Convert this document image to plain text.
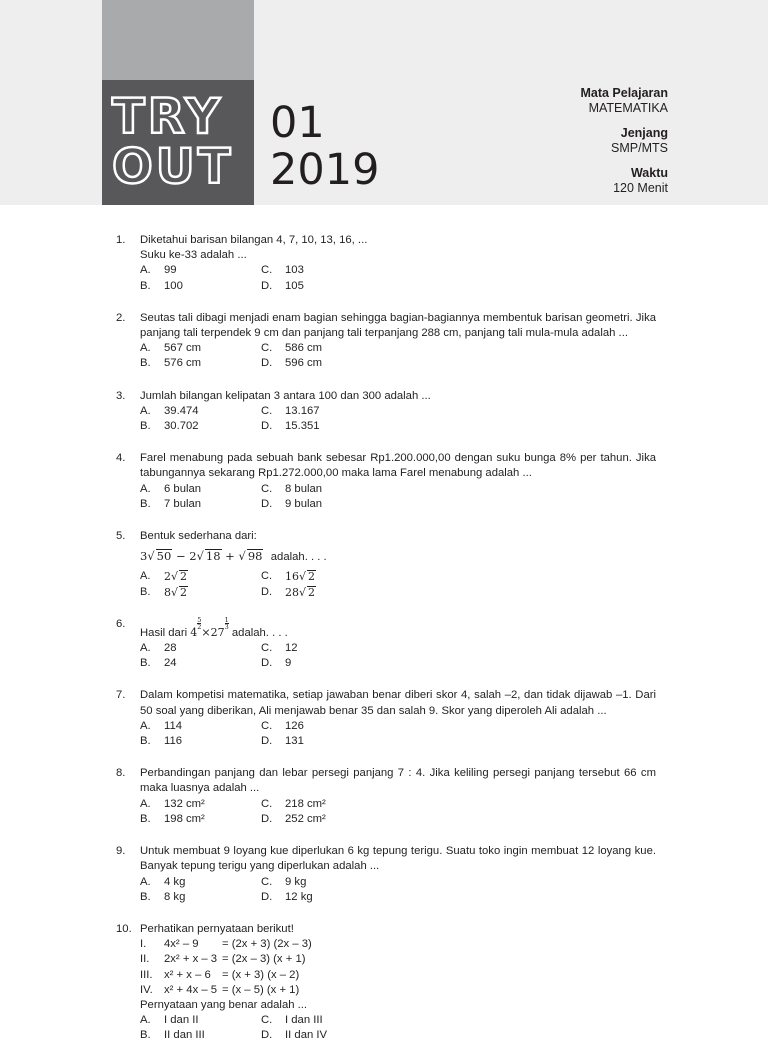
TRY
OUT
01
2019
Mata Pelajaran
MATEMATIKA
Jenjang
SMP/MTS
Waktu
120 Menit
1. Diketahui barisan bilangan 4, 7, 10, 13, 16, ...
Suku ke-33 adalah ...
A.	99	C.	103
B.	100	D.	105
2. Seutas tali dibagi menjadi enam bagian sehingga bagian-bagiannya membentuk barisan geometri. Jika panjang tali terpendek 9 cm dan panjang tali terpanjang 288 cm, panjang tali mula-mula adalah ...
A.	567 cm	C.	586 cm
B.	576 cm	D.	596 cm
3. Jumlah bilangan kelipatan 3 antara 100 dan 300 adalah ...
A.	39.474	C.	13.167
B.	30.702	D.	15.351
4. Farel menabung pada sebuah bank sebesar Rp1.200.000,00 dengan suku bunga 8% per tahun. Jika tabungannya sekarang Rp1.272.000,00 maka lama Farel menabung adalah ...
A.	6 bulan	C.	8 bulan
B.	7 bulan	D.	9 bulan
5. Bentuk sederhana dari:
3√ 50 − 2√ 18 + √ 98 adalah. . . .
A.	2√ 2	C.	16√ 2
B.	8√ 2	D.	28√ 2
6.
Hasil dari 4
$^{\frac{5}{2}}$
×27
$^{\frac{1}{3}}$
adalah. . . .
A.	28	C.	12
B.	24	D.	9
7. Dalam kompetisi matematika, setiap jawaban benar diberi skor 4, salah –2, dan tidak dijawab –1. Dari 50 soal yang diberikan, Ali menjawab benar 35 dan salah 9. Skor yang diperoleh Ali adalah ...
A.	114	C.	126
B.	116	D.	131
8. Perbandingan panjang dan lebar persegi panjang 7 : 4. Jika keliling persegi panjang tersebut 66 cm maka luasnya adalah ...
A.	132 cm²	C.	218 cm²
B.	198 cm²	D.	252 cm²
9. Untuk membuat 9 loyang kue diperlukan 6 kg tepung terigu. Suatu toko ingin membuat 12 loyang kue. Banyak tepung terigu yang diperlukan adalah ...
A.	4 kg	C.	9 kg
B.	8 kg	D.	12 kg
10. Perhatikan pernyataan berikut!
I.	4x² – 9	= (2x + 3) (2x – 3)
II.	2x² + x – 3 = (2x – 3) (x + 1)
III.	x² + x – 6 = (x + 3) (x – 2)
IV. x² + 4x – 5 = (x – 5) (x + 1)
Pernyataan yang benar adalah ...
A.	I dan II	C.	I dan III
B.	II dan III	D.	II dan IV
